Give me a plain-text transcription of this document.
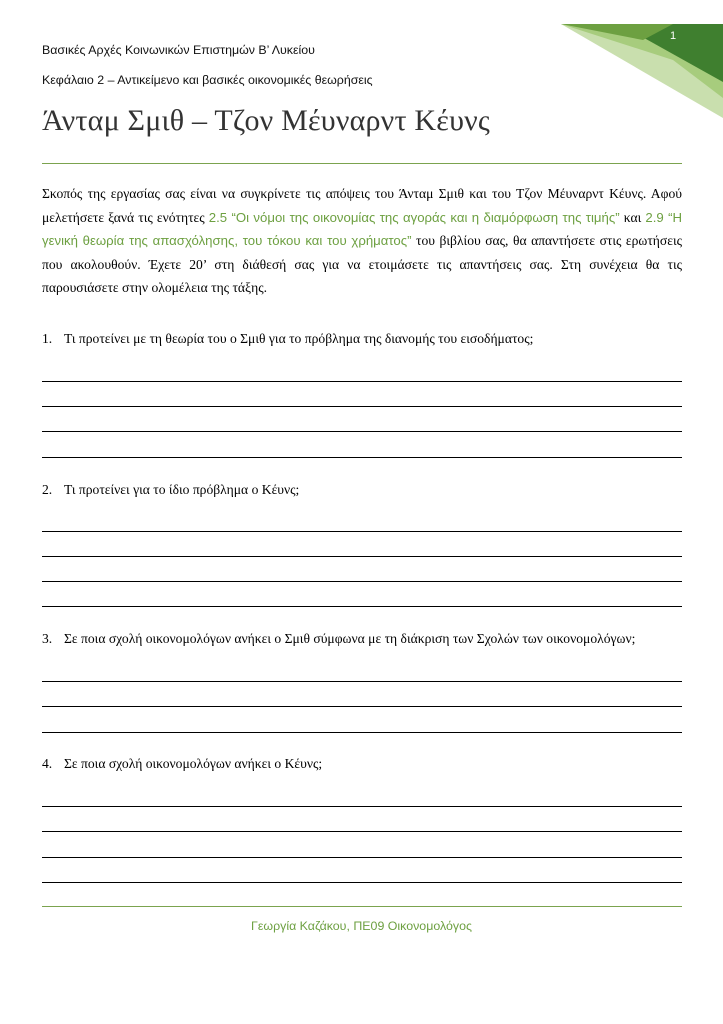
1
Βασικές Αρχές Κοινωνικών Επιστημών Β’ Λυκείου
Κεφάλαιο 2 – Αντικείμενο και βασικές οικονομικές θεωρήσεις
Άνταμ Σμιθ – Τζον Μέυναρντ Κέυνς

Σκοπός της εργασίας σας είναι να συγκρίνετε τις απόψεις του Άνταμ Σμιθ και του Τζον Μέυναρντ Κέυνς. Αφού μελετήσετε ξανά τις ενότητες 2.5 “Οι νόμοι της οικονομίας της αγοράς και η διαμόρφωση της τιμής” και 2.9 “Η γενική θεωρία της απασχόλησης, του τόκου και του χρήματος” του βιβλίου σας, θα απαντήσετε στις ερωτήσεις που ακολουθούν. Έχετε 20’ στη διάθεσή σας για να ετοιμάσετε τις απαντήσεις σας. Στη συνέχεια θα τις παρουσιάσετε στην ολομέλεια της τάξης.

1. Τι προτείνει με τη θεωρία του ο Σμιθ για το πρόβλημα της διανομής του εισοδήματος;

2. Τι προτείνει για το ίδιο πρόβλημα ο Κέυνς;

3. Σε ποια σχολή οικονομολόγων ανήκει ο Σμιθ σύμφωνα με τη διάκριση των Σχολών των οικονομολόγων;

4. Σε ποια σχολή οικονομολόγων ανήκει ο Κέυνς;

Γεωργία Καζάκου, ΠΕ09 Οικονομολόγος
